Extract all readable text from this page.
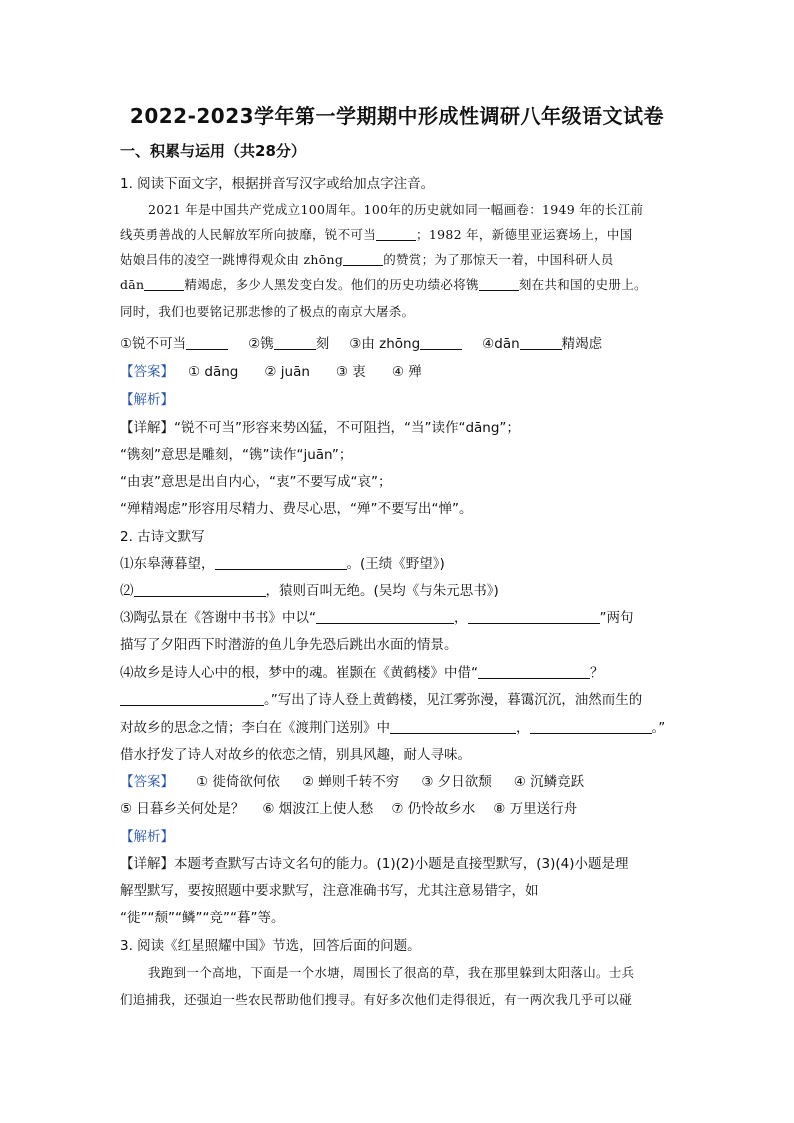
2022-2023学年第一学期期中形成性调研八年级语文试卷
一、积累与运用（共28分）
1. 阅读下面文字，根据拼音写汉字或给加点字注音。
2021 年是中国共产党成立100周年。100年的历史就如同一幅画卷：1949 年的长江前
线英勇善战的人民解放军所向披靡，锐不可当	；1982 年，新德里亚运赛场上，中国
姑娘吕伟的凌空一跳博得观众由 zhōng	的赞赏；为了那惊天一着，中国科研人员
dān	精竭虑，多少人黑发变白发。他们的历史功绩必将镌	刻在共和国的史册上。
同时，我们也要铭记那悲惨的了极点的南京大屠杀。
①锐不可当	②镌	刻 ③由 zhōng	④dān	精竭虑
【答案】 ① dāng ② juān ③ 衷 ④ 殚
【解析】
【详解】“锐不可当”形容来势凶猛，不可阻挡，“当”读作“dāng”；
“镌刻”意思是雕刻，“镌”读作“juān”；
“由衷”意思是出自内心，“衷”不要写成“哀”；
“殚精竭虑”形容用尽精力、费尽心思，“殚”不要写出“惮”。
2. 古诗文默写
⑴东皋薄暮望，	。(王绩《野望》)
⑵	，猿则百叫无绝。(吴均《与朱元思书》)
⑶陶弘景在《答谢中书书》中以“	，	”两句
描写了夕阳西下时潜游的鱼儿争先恐后跳出水面的情景。
⑷故乡是诗人心中的根，梦中的魂。崔颢在《黄鹤楼》中借“	？
。”写出了诗人登上黄鹤楼，见江雾弥漫，暮霭沉沉，油然而生的
对故乡的思念之情；李白在《渡荆门送别》中	，	。”
借水抒发了诗人对故乡的依恋之情，别具风趣，耐人寻味。
【答案】 ① 徙倚欲何依 ② 蝉则千转不穷 ③ 夕日欲颓 ④ 沉鳞竞跃
⑤ 日暮乡关何处是？ ⑥ 烟波江上使人愁 ⑦ 仍怜故乡水 ⑧ 万里送行舟
【解析】
【详解】本题考查默写古诗文名句的能力。(1)(2)小题是直接型默写，(3)(4)小题是理
解型默写，要按照题中要求默写，注意准确书写，尤其注意易错字，如
“徙”“颓”“鳞”“竞”“暮”等。
3. 阅读《红星照耀中国》节选，回答后面的问题。
我跑到一个高地，下面是一个水塘，周围长了很高的草，我在那里躲到太阳落山。士兵
们追捕我，还强迫一些农民帮助他们搜寻。有好多次他们走得很近，有一两次我几乎可以碰
